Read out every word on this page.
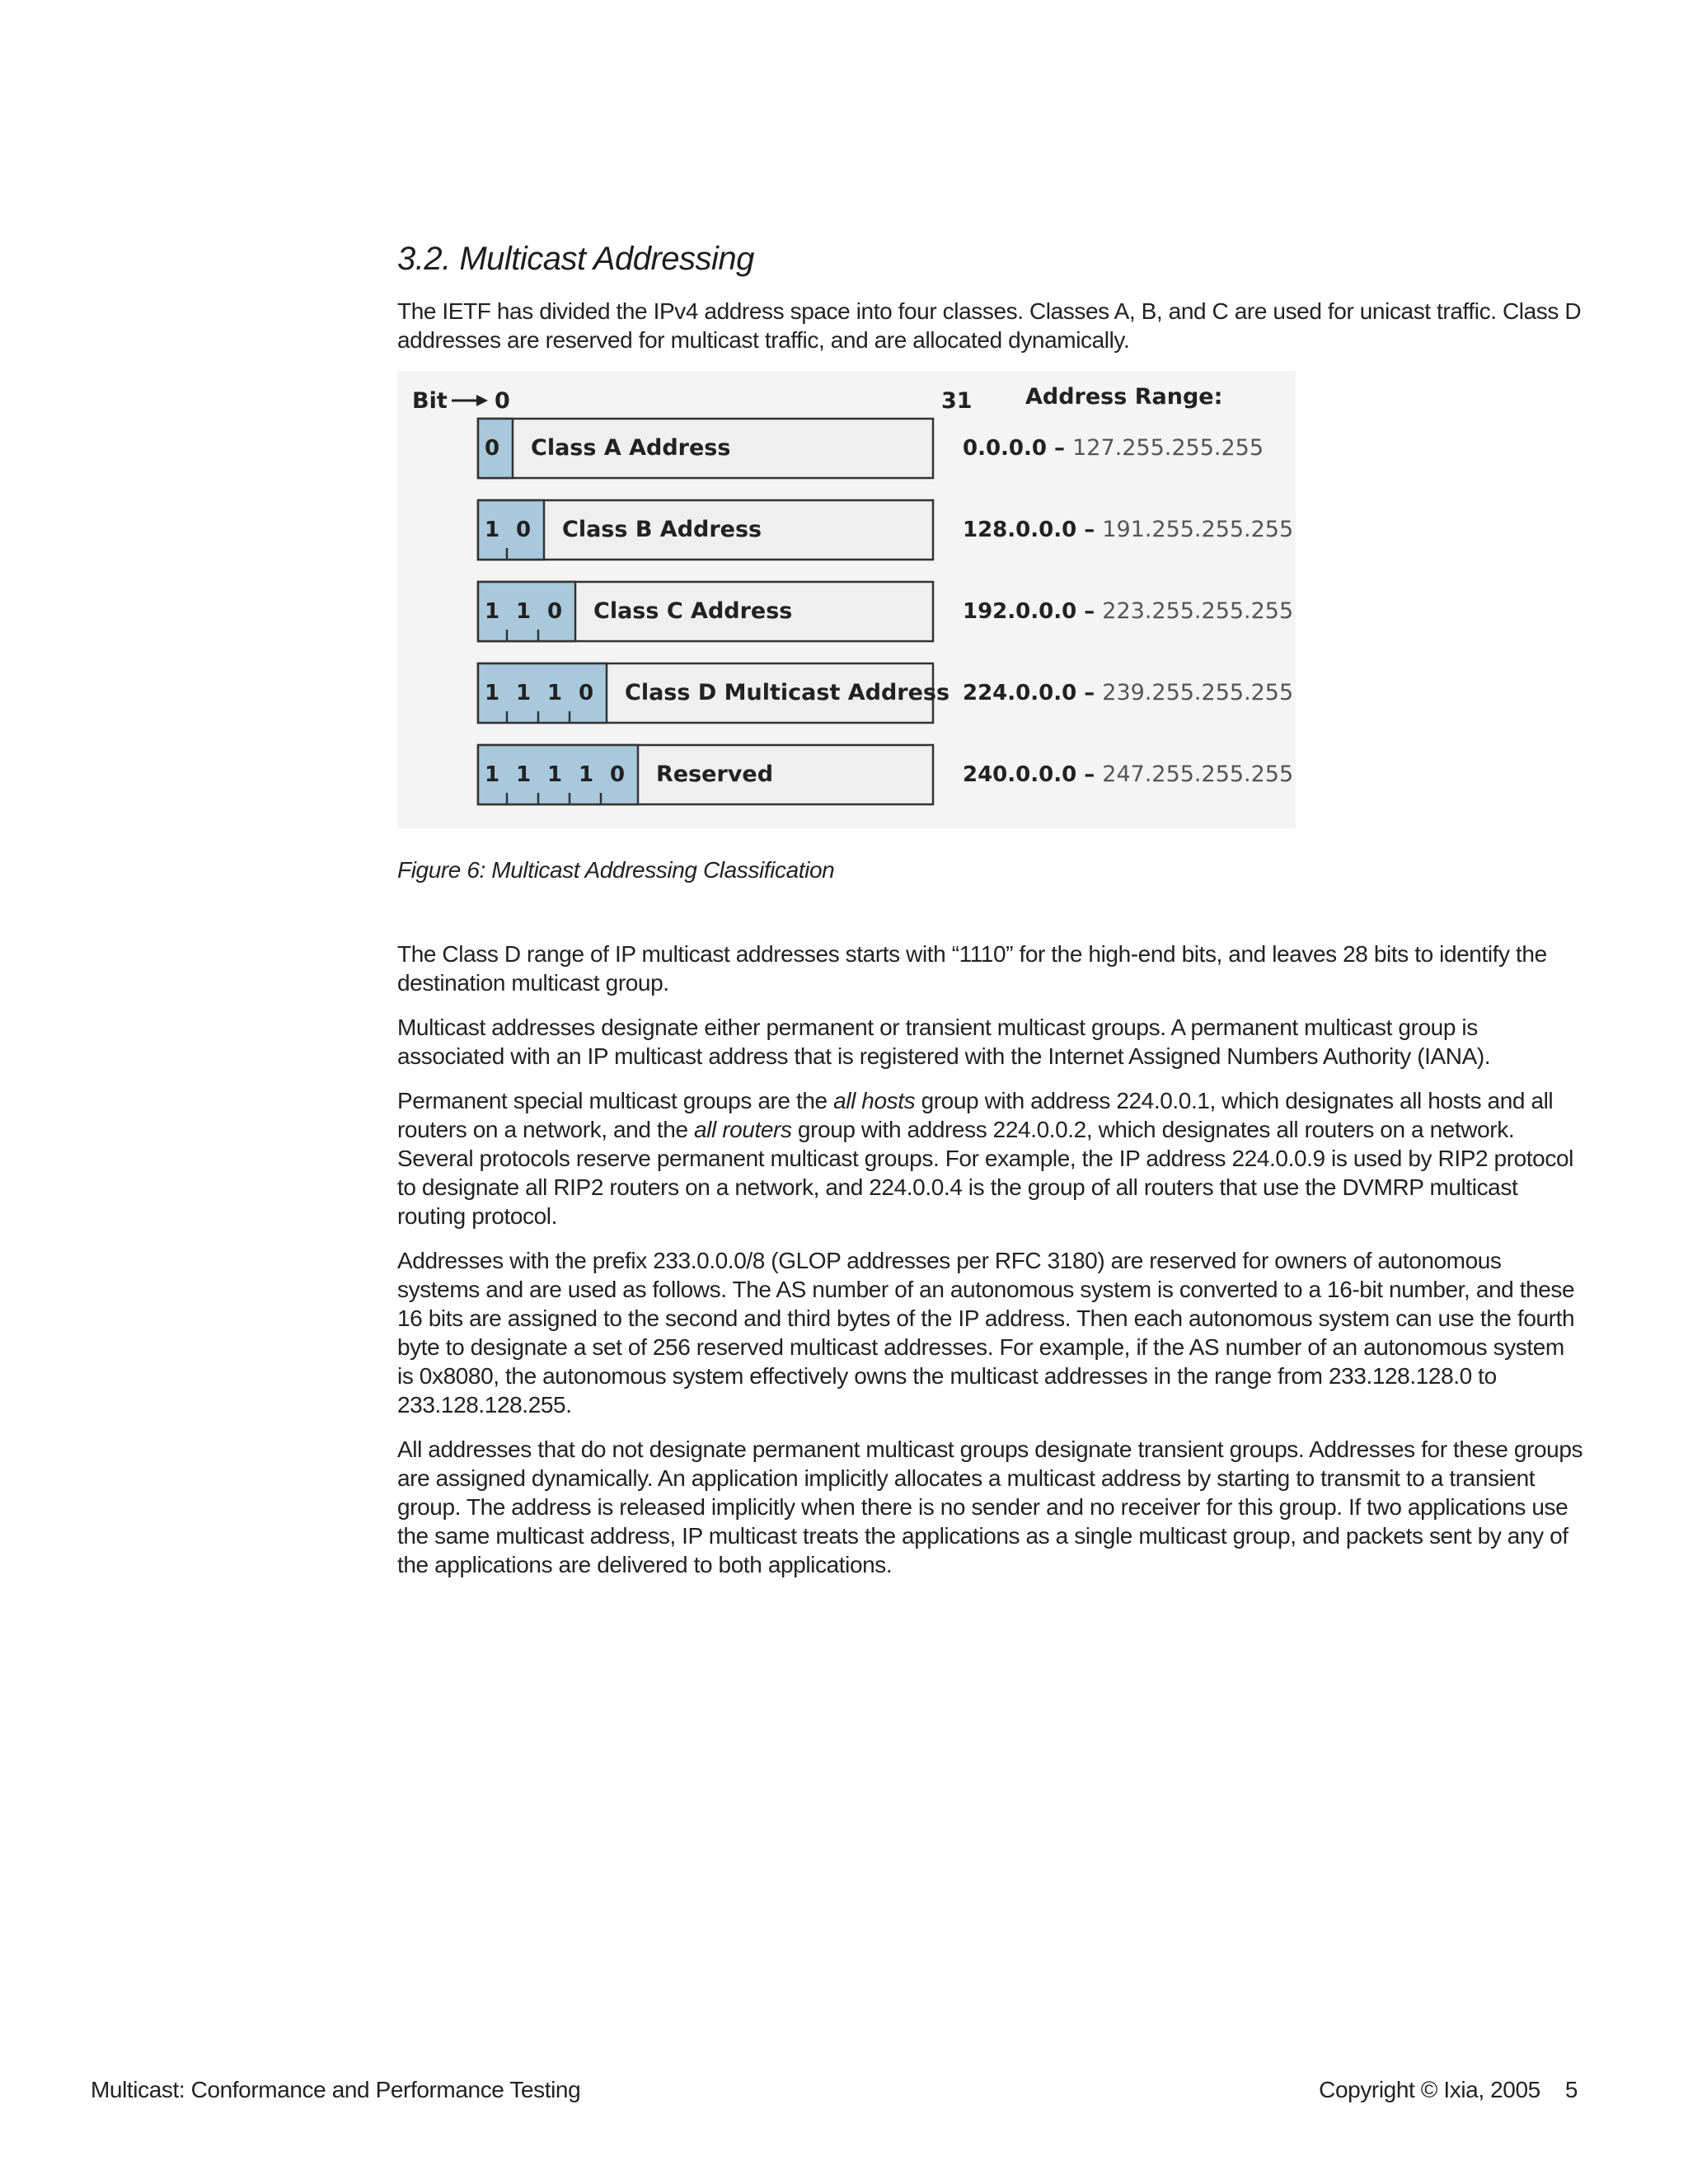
3.2. Multicast Addressing

The IETF has divided the IPv4 address space into four classes. Classes A, B, and C are used for unicast traffic. Class D addresses are reserved for multicast traffic, and are allocated dynamically.

Bit 0	31 Address Range:
0 Class A Address	0.0.0.0 – 127.255.255.255
1 0 Class B Address	128.0.0.0 – 191.255.255.255
1 1 0 Class C Address	192.0.0.0 – 223.255.255.255
1 1 1 0 Class D Multicast Address 224.0.0.0 – 239.255.255.255
1 1 1 1 0 Reserved	240.0.0.0 – 247.255.255.255
Figure 6: Multicast Addressing Classification

The Class D range of IP multicast addresses starts with “1110” for the high-end bits, and leaves 28 bits to identify the destination multicast group.

Multicast addresses designate either permanent or transient multicast groups. A permanent multicast group is associated with an IP multicast address that is registered with the Internet Assigned Numbers Authority (IANA).

Permanent special multicast groups are the all hosts group with address 224.0.0.1, which designates all hosts and all routers on a network, and the all routers group with address 224.0.0.2, which designates all routers on a network. Several protocols reserve permanent multicast groups. For example, the IP address 224.0.0.9 is used by RIP2 protocol to designate all RIP2 routers on a network, and 224.0.0.4 is the group of all routers that use the DVMRP multicast routing protocol.

Addresses with the prefix 233.0.0.0/8 (GLOP addresses per RFC 3180) are reserved for owners of autonomous systems and are used as follows. The AS number of an autonomous system is converted to a 16-bit number, and these 16 bits are assigned to the second and third bytes of the IP address. Then each autonomous system can use the fourth byte to designate a set of 256 reserved multicast addresses. For example, if the AS number of an autonomous system is 0x8080, the autonomous system effectively owns the multicast addresses in the range from 233.128.128.0 to 233.128.128.255.

All addresses that do not designate permanent multicast groups designate transient groups. Addresses for these groups are assigned dynamically. An application implicitly allocates a multicast address by starting to transmit to a transient group. The address is released implicitly when there is no sender and no receiver for this group. If two applications use the same multicast address, IP multicast treats the applications as a single multicast group, and packets sent by any of the applications are delivered to both applications.

Multicast: Conformance and Performance Testing	Copyright © Ixia, 2005 5
